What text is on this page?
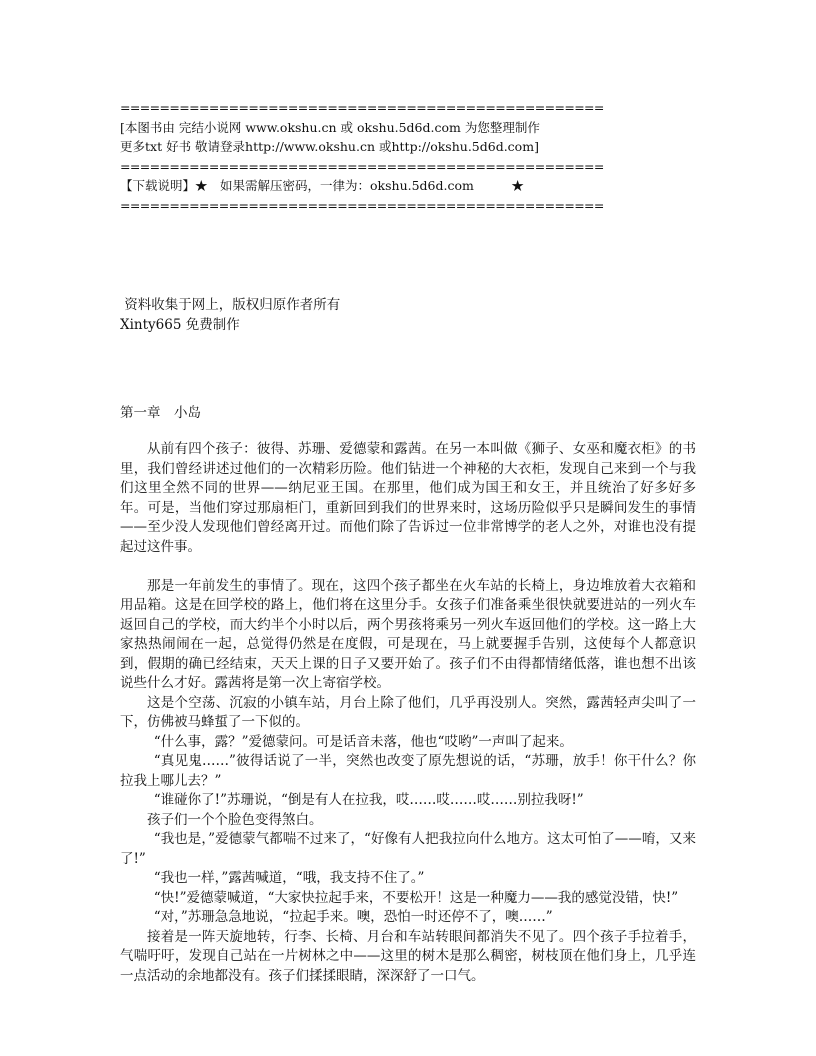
=================================================
[本图书由 完结小说网 www.okshu.cn 或 okshu.5d6d.com 为您整理制作
更多txt 好书 敬请登录http://www.okshu.cn 或http://okshu.5d6d.com]
=================================================
【下载说明】★　如果需解压密码，一律为：okshu.5d6d.com　　　★
=================================================
资料收集于网上，版权归原作者所有
Xinty665 免费制作
第一章　小岛

从前有四个孩子：彼得、苏珊、爱德蒙和露茜。在另一本叫做《狮子、女巫和魔衣柜》的书里，我们曾经讲述过他们的一次精彩历险。他们钻进一个神秘的大衣柜，发现自己来到一个与我们这里全然不同的世界——纳尼亚王国。在那里，他们成为国王和女王，并且统治了好多好多年。可是，当他们穿过那扇柜门，重新回到我们的世界来时，这场历险似乎只是瞬间发生的事情——至少没人发现他们曾经离开过。而他们除了告诉过一位非常博学的老人之外，对谁也没有提起过这件事。

那是一年前发生的事情了。现在，这四个孩子都坐在火车站的长椅上，身边堆放着大衣箱和用品箱。这是在回学校的路上，他们将在这里分手。女孩子们准备乘坐很快就要进站的一列火车返回自己的学校，而大约半个小时以后，两个男孩将乘另一列火车返回他们的学校。这一路上大家热热闹闹在一起，总觉得仍然是在度假，可是现在，马上就要握手告别，这使每个人都意识到，假期的确已经结束，天天上课的日子又要开始了。孩子们不由得都情绪低落，谁也想不出该说些什么才好。露茜将是第一次上寄宿学校。

这是个空荡、沉寂的小镇车站，月台上除了他们，几乎再没别人。突然，露茜轻声尖叫了一下，仿佛被马蜂蜇了一下似的。

“什么事，露？”爱德蒙问。可是话音未落，他也“哎哟”一声叫了起来。

“真见鬼……”彼得话说了一半，突然也改变了原先想说的话，“苏珊，放手！你干什么？你拉我上哪儿去？”

“谁碰你了!”苏珊说，“倒是有人在拉我，哎……哎……哎……别拉我呀!”

孩子们一个个脸色变得煞白。

“我也是，”爱德蒙气都喘不过来了，“好像有人把我拉向什么地方。这太可怕了——唷，又来了!”

“我也一样，”露茜喊道，“哦，我支持不住了。”

“快!”爱德蒙喊道，“大家快拉起手来，不要松开！这是一种魔力——我的感觉没错，快!”

“对，”苏珊急急地说，“拉起手来。噢，恐怕一时还停不了，噢……”

接着是一阵天旋地转，行李、长椅、月台和车站转眼间都消失不见了。四个孩子手拉着手，气喘吁吁，发现自己站在一片树林之中——这里的树木是那么稠密，树枝顶在他们身上，几乎连一点活动的余地都没有。孩子们揉揉眼睛，深深舒了一口气。
